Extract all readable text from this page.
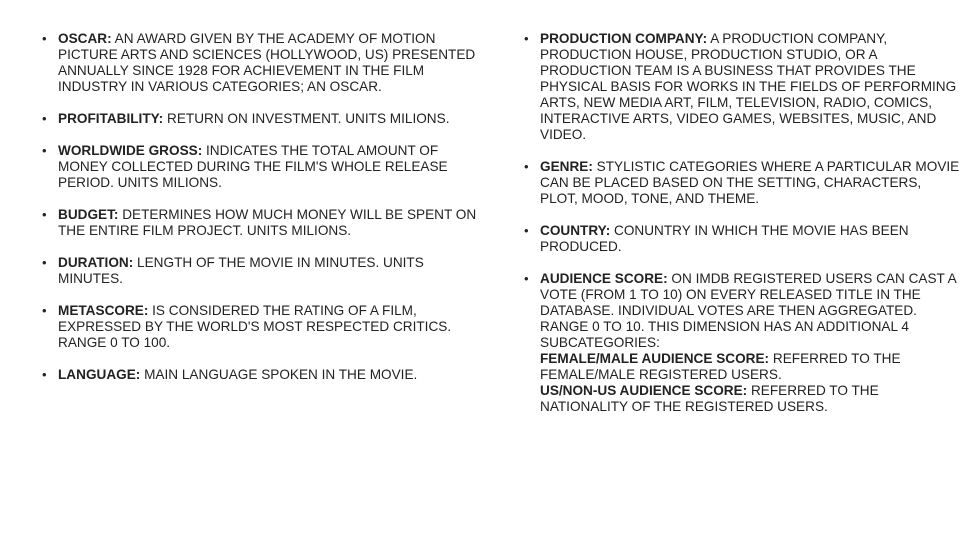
• OSCAR: AN AWARD GIVEN BY THE ACADEMY OF MOTION PICTURE ARTS AND SCIENCES (HOLLYWOOD, US) PRESENTED ANNUALLY SINCE 1928 FOR ACHIEVEMENT IN THE FILM INDUSTRY IN VARIOUS CATEGORIES; AN OSCAR.
• PROFITABILITY: RETURN ON INVESTMENT. UNITS MILIONS.
• WORLDWIDE GROSS: INDICATES THE TOTAL AMOUNT OF MONEY COLLECTED DURING THE FILM'S WHOLE RELEASE PERIOD. UNITS MILIONS.
• BUDGET: DETERMINES HOW MUCH MONEY WILL BE SPENT ON THE ENTIRE FILM PROJECT. UNITS MILIONS.
• DURATION: LENGTH OF THE MOVIE IN MINUTES. UNITS MINUTES.
• METASCORE: IS CONSIDERED THE RATING OF A FILM, EXPRESSED BY THE WORLD'S MOST RESPECTED CRITICS. RANGE 0 TO 100.
• LANGUAGE: MAIN LANGUAGE SPOKEN IN THE MOVIE.
• PRODUCTION COMPANY: A PRODUCTION COMPANY, PRODUCTION HOUSE, PRODUCTION STUDIO, OR A PRODUCTION TEAM IS A BUSINESS THAT PROVIDES THE PHYSICAL BASIS FOR WORKS IN THE FIELDS OF PERFORMING ARTS, NEW MEDIA ART, FILM, TELEVISION, RADIO, COMICS, INTERACTIVE ARTS, VIDEO GAMES, WEBSITES, MUSIC, AND VIDEO.
• GENRE: STYLISTIC CATEGORIES WHERE A PARTICULAR MOVIE CAN BE PLACED BASED ON THE SETTING, CHARACTERS, PLOT, MOOD, TONE, AND THEME.
• COUNTRY: CONUNTRY IN WHICH THE MOVIE HAS BEEN PRODUCED.
• AUDIENCE SCORE: ON IMDB REGISTERED USERS CAN CAST A VOTE (FROM 1 TO 10) ON EVERY RELEASED TITLE IN THE DATABASE. INDIVIDUAL VOTES ARE THEN AGGREGATED. RANGE 0 TO 10. THIS DIMENSION HAS AN ADDITIONAL 4 SUBCATEGORIES:
FEMALE/MALE AUDIENCE SCORE: REFERRED TO THE FEMALE/MALE REGISTERED USERS.
US/NON-US AUDIENCE SCORE: REFERRED TO THE NATIONALITY OF THE REGISTERED USERS.
